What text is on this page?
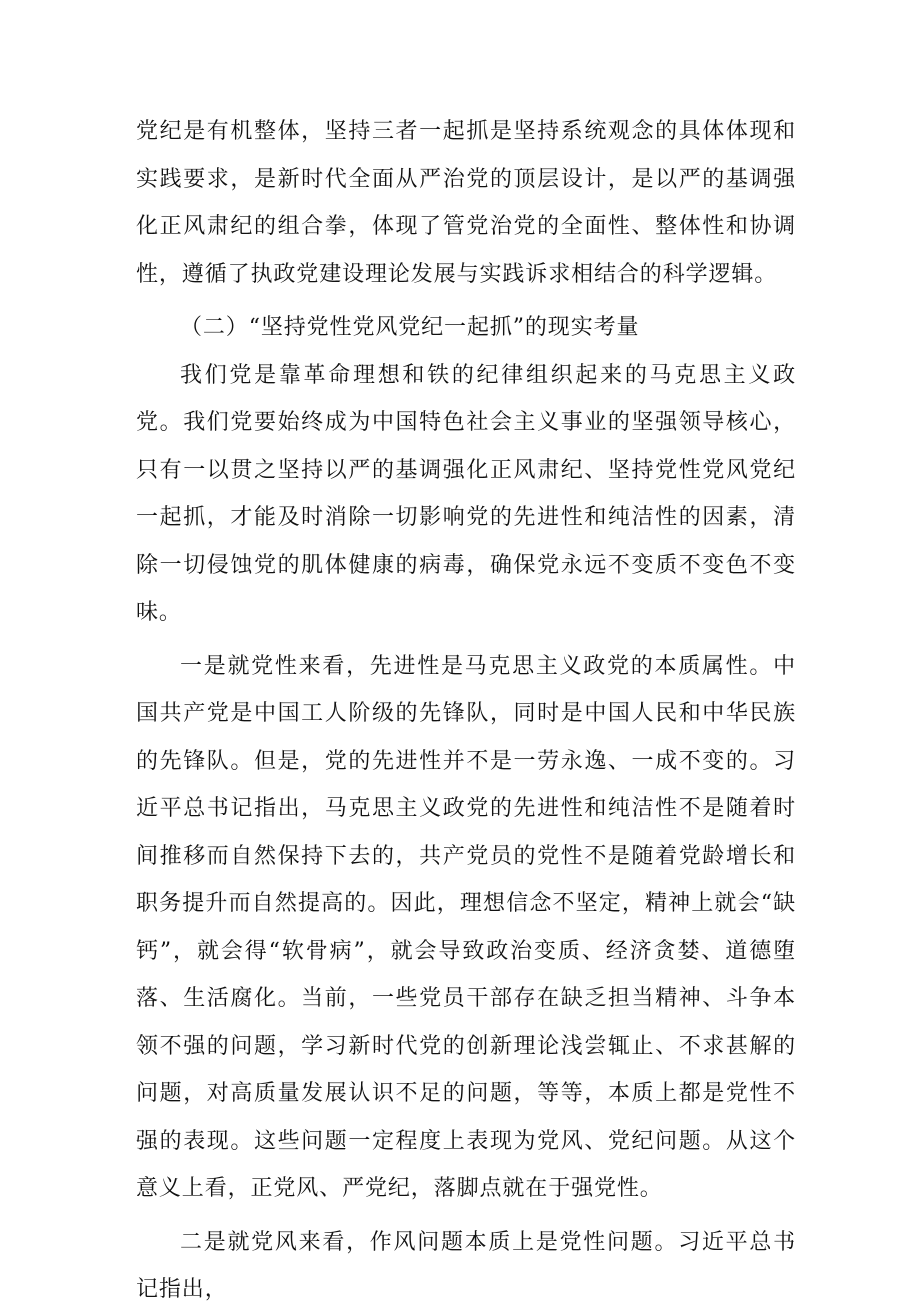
党纪是有机整体，坚持三者一起抓是坚持系统观念的具体体现和实践要求，是新时代全面从严治党的顶层设计，是以严的基调强化正风肃纪的组合拳，体现了管党治党的全面性、整体性和协调性，遵循了执政党建设理论发展与实践诉求相结合的科学逻辑。

（二）“坚持党性党风党纪一起抓”的现实考量

我们党是靠革命理想和铁的纪律组织起来的马克思主义政党。我们党要始终成为中国特色社会主义事业的坚强领导核心，只有一以贯之坚持以严的基调强化正风肃纪、坚持党性党风党纪一起抓，才能及时消除一切影响党的先进性和纯洁性的因素，清除一切侵蚀党的肌体健康的病毒，确保党永远不变质不变色不变味。

一是就党性来看，先进性是马克思主义政党的本质属性。中国共产党是中国工人阶级的先锋队，同时是中国人民和中华民族的先锋队。但是，党的先进性并不是一劳永逸、一成不变的。习近平总书记指出，马克思主义政党的先进性和纯洁性不是随着时间推移而自然保持下去的，共产党员的党性不是随着党龄增长和职务提升而自然提高的。因此，理想信念不坚定，精神上就会“缺钙”，就会得“软骨病”，就会导致政治变质、经济贪婪、道德堕落、生活腐化。当前，一些党员干部存在缺乏担当精神、斗争本领不强的问题，学习新时代党的创新理论浅尝辄止、不求甚解的问题，对高质量发展认识不足的问题，等等，本质上都是党性不强的表现。这些问题一定程度上表现为党风、党纪问题。从这个意义上看，正党风、严党纪，落脚点就在于强党性。

二是就党风来看，作风问题本质上是党性问题。习近平总书记指出，
